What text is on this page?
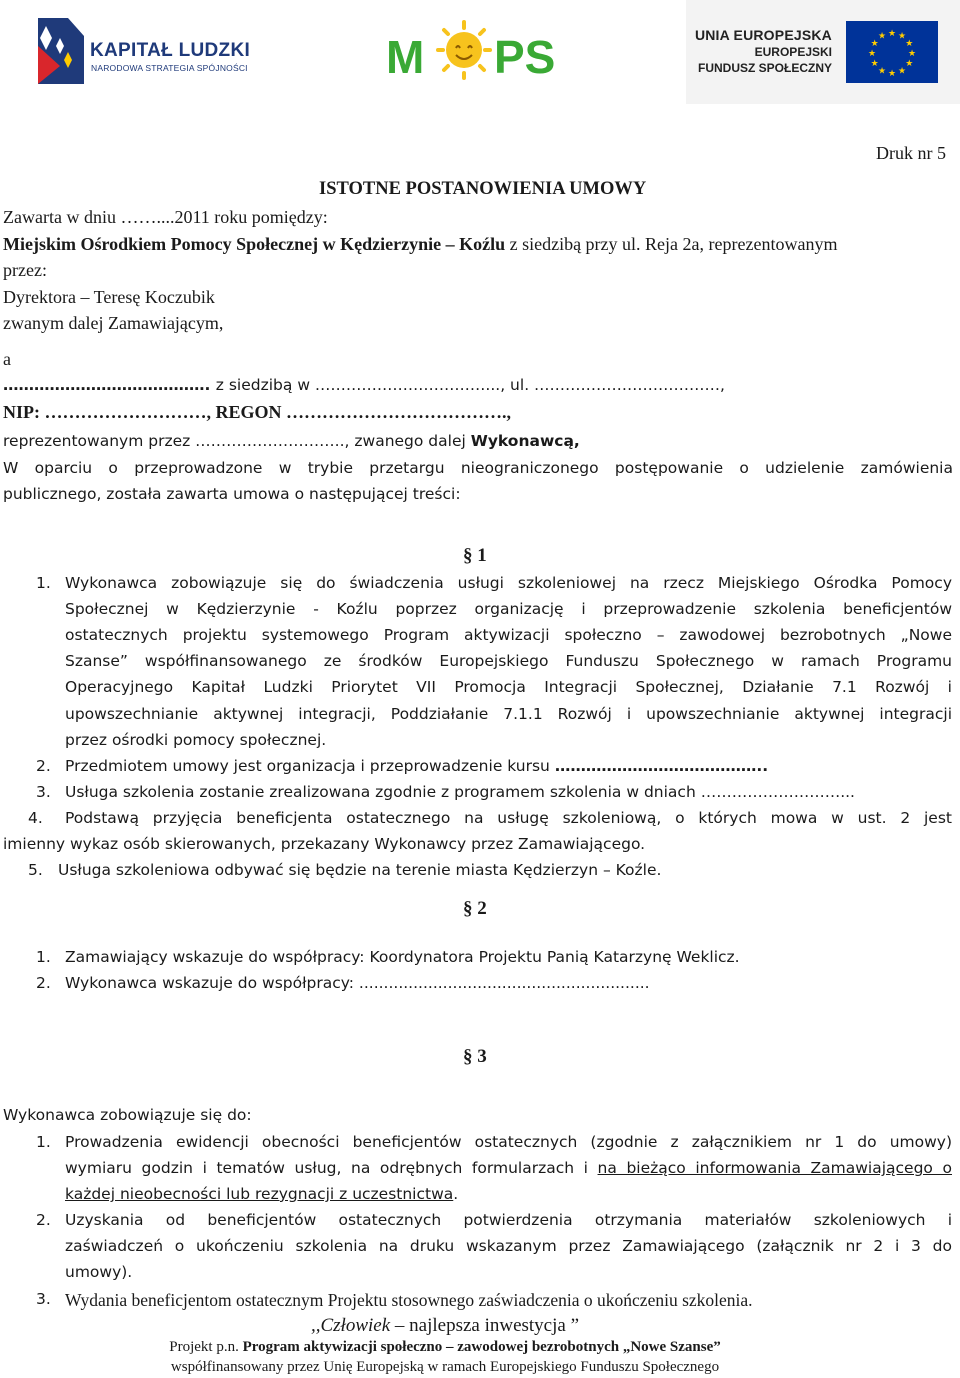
KAPITAŁ LUDZKI
NARODOWA STRATEGIA SPÓJNOŚCI	M PS	UNIA EUROPEJSKA
EUROPEJSKI
FUNDUSZ SPOŁECZNY
★ ★
★
★
★
★
★
★
★
★
★
★
Druk nr 5
ISTOTNE POSTANOWIENIA UMOWY
Zawarta w dniu ……....2011 roku pomiędzy:
Miejskim Ośrodkiem Pomocy Społecznej w Kędzierzynie – Koźlu z siedzibą przy ul. Reja 2a, reprezentowanym
przez:
Dyrektora – Teresę Koczubik
zwanym dalej Zamawiającym,
a
…………………………………. z siedzibą w ……………………………..., ul. ………………………………,
NIP: ………………………, REGON ……………………………….,
reprezentowanym przez ……………………….., zwanego dalej Wykonawcą,
W oparciu o przeprowadzone w trybie przetargu nieograniczonego postępowanie o udzielenie zamówienia
publicznego, została zawarta umowa o następującej treści:
§ 1
1. Wykonawca zobowiązuje się do świadczenia usługi szkoleniowej na rzecz Miejskiego Ośrodka Pomocy
Społecznej w Kędzierzynie - Koźlu poprzez organizację i przeprowadzenie szkolenia beneficjentów
ostatecznych projektu systemowego Program aktywizacji społeczno – zawodowej bezrobotnych „Nowe
Szanse” współfinansowanego ze środków Europejskiego Funduszu Społecznego w ramach Programu
Operacyjnego Kapitał Ludzki Priorytet VII Promocja Integracji Społecznej, Działanie 7.1 Rozwój i
upowszechnianie aktywnej integracji, Poddziałanie 7.1.1 Rozwój i upowszechnianie aktywnej integracji
przez ośrodki pomocy społecznej.
2. Przedmiotem umowy jest organizacja i przeprowadzenie kursu …………………………………..
3. Usługa szkolenia zostanie zrealizowana zgodnie z programem szkolenia w dniach ………………………...
4. Podstawą przyjęcia beneficjenta ostatecznego na usługę szkoleniową, o których mowa w ust. 2 jest
imienny wykaz osób skierowanych, przekazany Wykonawcy przez Zamawiającego.
5. Usługa szkoleniowa odbywać się będzie na terenie miasta Kędzierzyn – Koźle.
§ 2
1. Zamawiający wskazuje do współpracy: Koordynatora Projektu Panią Katarzynę Weklicz.
2. Wykonawca wskazuje do współpracy: ...........................................................
§ 3
Wykonawca zobowiązuje się do:
1. Prowadzenia ewidencji obecności beneficjentów ostatecznych (zgodnie z załącznikiem nr 1 do umowy)
wymiaru godzin i tematów usług, na odrębnych formularzach i na bieżąco informowania Zamawiającego o
każdej nieobecności lub rezygnacji z uczestnictwa.
2. Uzyskania od beneficjentów ostatecznych potwierdzenia otrzymania materiałów szkoleniowych i
zaświadczeń o ukończeniu szkolenia na druku wskazanym przez Zamawiającego (załącznik nr 2 i 3 do
umowy).
3. Wydania beneficjentom ostatecznym Projektu stosownego zaświadczenia o ukończeniu szkolenia.
,,Człowiek – najlepsza inwestycja ”
Projekt p.n. Program aktywizacji społeczno – zawodowej bezrobotnych „Nowe Szanse”
współfinansowany przez Unię Europejską w ramach Europejskiego Funduszu Społecznego
